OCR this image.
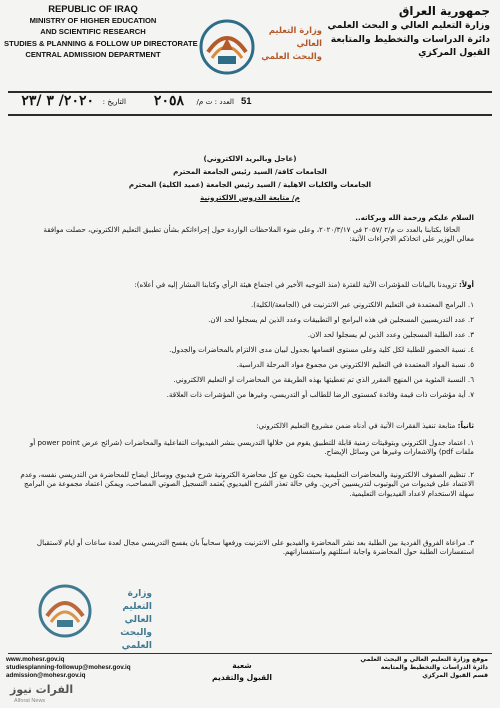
REPUBLIC OF IRAQ
MINISTRY OF HIGHER EDUCATION
AND SCIENTIFIC RESEARCH
STUDIES & PLANNING & FOLLOW UP DIRECTORATE
CENTRAL ADMISSION DEPARTMENT
وزارة التعليم العالي
والبحث العلمي
جمهورية العراق
وزارة التعليم العالي و البحث العلمي
دائرة الدراسات والتخطيط والمتابعة
القبول المركزي
العدد : ت م/
٢٠٥٨
التاريخ :
٢٠٢٠/ ٣ /٢٣	51
(عاجل وبالبريد الالكتروني)
الجامعات كافة/ السيد رئيس الجامعة المحترم
الجامعات والكليات الاهلية / السيد رئيس الجامعة (عميد الكلية) المحترم
م/ متابعة الدروس الالكترونية
السلام عليكم ورحمة الله وبركاته..
الحاقا بكتابنا بالعدد ت م/٢ /٢٠٥٧ في ٢٠٢٠/٣/١٧، وعلى ضوء الملاحظات الواردة حول إجراءاتكم بشأن تطبيق التعليم الالكتروني، حصلت موافقة معالي الوزير على اتخاذكم الاجراءات الآتية:
أولاً: تزويدنا بالبيانات للمؤشرات الآتية للفترة (منذ التوجيه الأخير في اجتماع هيئة الرأي وكتابنا المشار إليه في أعلاه):
١. البرامج المعتمدة في التعليم الالكتروني عبر الانترنيت في (الجامعة/الكلية).
٢. عدد التدريسيين المسجلين في هذه البرامج او التطبيقات وعدد الذين لم يسجلوا لحد الان.
٣. عدد الطلبة المسجلين وعدد الذين لم يسجلوا لحد الان.
٤. نسبة الحضور للطلبة لكل كلية وعلى مستوى اقسامها بجدول لبيان مدى الالتزام بالمحاضرات والجدول.
٥. نسبة المواد المعتمدة في التعليم الالكتروني من مجموع مواد المرحلة الدراسية.
٦. النسبة المئوية من المنهج المقرر الذي تم تغطيتها بهذه الطريقة من المحاضرات او التعليم الالكتروني.
٧. أية مؤشرات ذات قيمة وفائدة كمستوى الرضا للطالب أو التدريسي، وغيرها من المؤشرات ذات العلاقة.
ثانياً: متابعة تنفيذ الفقرات الآتية في أدناه ضمن مشروع التعليم الالكتروني:
١. اعتماد جدول الكتروني وبتوقيتات زمنية قابلة للتطبيق يقوم من خلالها التدريسي بنشر الفيديوات التفاعلية والمحاضرات (شرائح عرض power point أو ملفات pdf) والاشعارات وغيرها من وسائل الإيضاح.
٢. تنظيم الصفوف الالكترونية والمحاضرات التعليمية بحيث تكون مع كل محاضرة الكترونية شرح فيديوي ووسائل ايضاح للمحاضرة من التدريسي نفسه، وعدم الاعتماد على فيديوات من اليوتيوب لتدريسيين آخرين. وفي حالة تعذر الشرح الفيديوي يُعتمد التسجيل الصوتي المصاحب، ويمكن اعتماد مجموعة من البرامج سهلة الاستخدام لاعداد الفيديوات التعليمية.
٣. مراعاة الفروق الفردية بين الطلبة بعد نشر المحاضرة والفيديو على الانترنيت ورفعها سحابياً بان يفسح التدريسي مجال لعدة ساعات أو ايام لاستقبال استفسارات الطلبة حول المحاضرة واجابة اسئلتهم واستفساراتهم.
وزارة التعليم العالي
والبحث العلمي
www.mohesr.gov.iq
studiesplanning-followup@mohesr.gov.iq
admission@mohesr.gov.iq
شعبة
القبول والتقديم
موقع وزارة التعليم العالي و البحث العلمي
دائرة الدراسات والتخطيط والمتابعة
قسم القبول المركزي
الفرات نيوز
Alforat News
